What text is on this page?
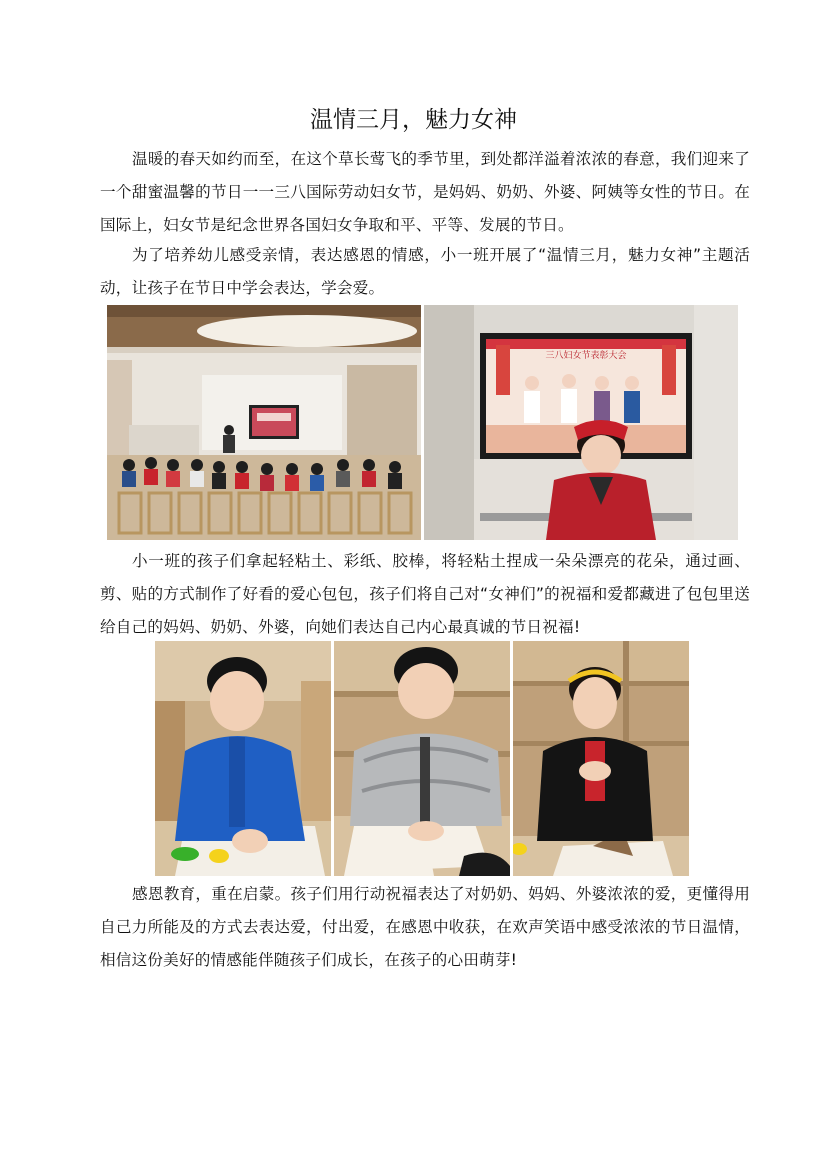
温情三月，魅力女神

温暖的春天如约而至，在这个草长莺飞的季节里，到处都洋溢着浓浓的春意，我们迎来了一个甜蜜温馨的节日一一三八国际劳动妇女节，是妈妈、奶奶、外婆、阿姨等女性的节日。在国际上，妇女节是纪念世界各国妇女争取和平、平等、发展的节日。

为了培养幼儿感受亲情，表达感恩的情感，小一班开展了“温情三月，魅力女神”主题活动，让孩子在节日中学会表达，学会爱。

三八妇女节表彰大会

小一班的孩子们拿起轻粘土、彩纸、胶棒，将轻粘土捏成一朵朵漂亮的花朵，通过画、剪、贴的方式制作了好看的爱心包包，孩子们将自己对“女神们”的祝福和爱都藏进了包包里送给自己的妈妈、奶奶、外婆，向她们表达自己内心最真诚的节日祝福!

感恩教育，重在启蒙。孩子们用行动祝福表达了对奶奶、妈妈、外婆浓浓的爱，更懂得用自己力所能及的方式去表达爱，付出爱，在感恩中收获，在欢声笑语中感受浓浓的节日温情，相信这份美好的情感能伴随孩子们成长，在孩子的心田萌芽!
